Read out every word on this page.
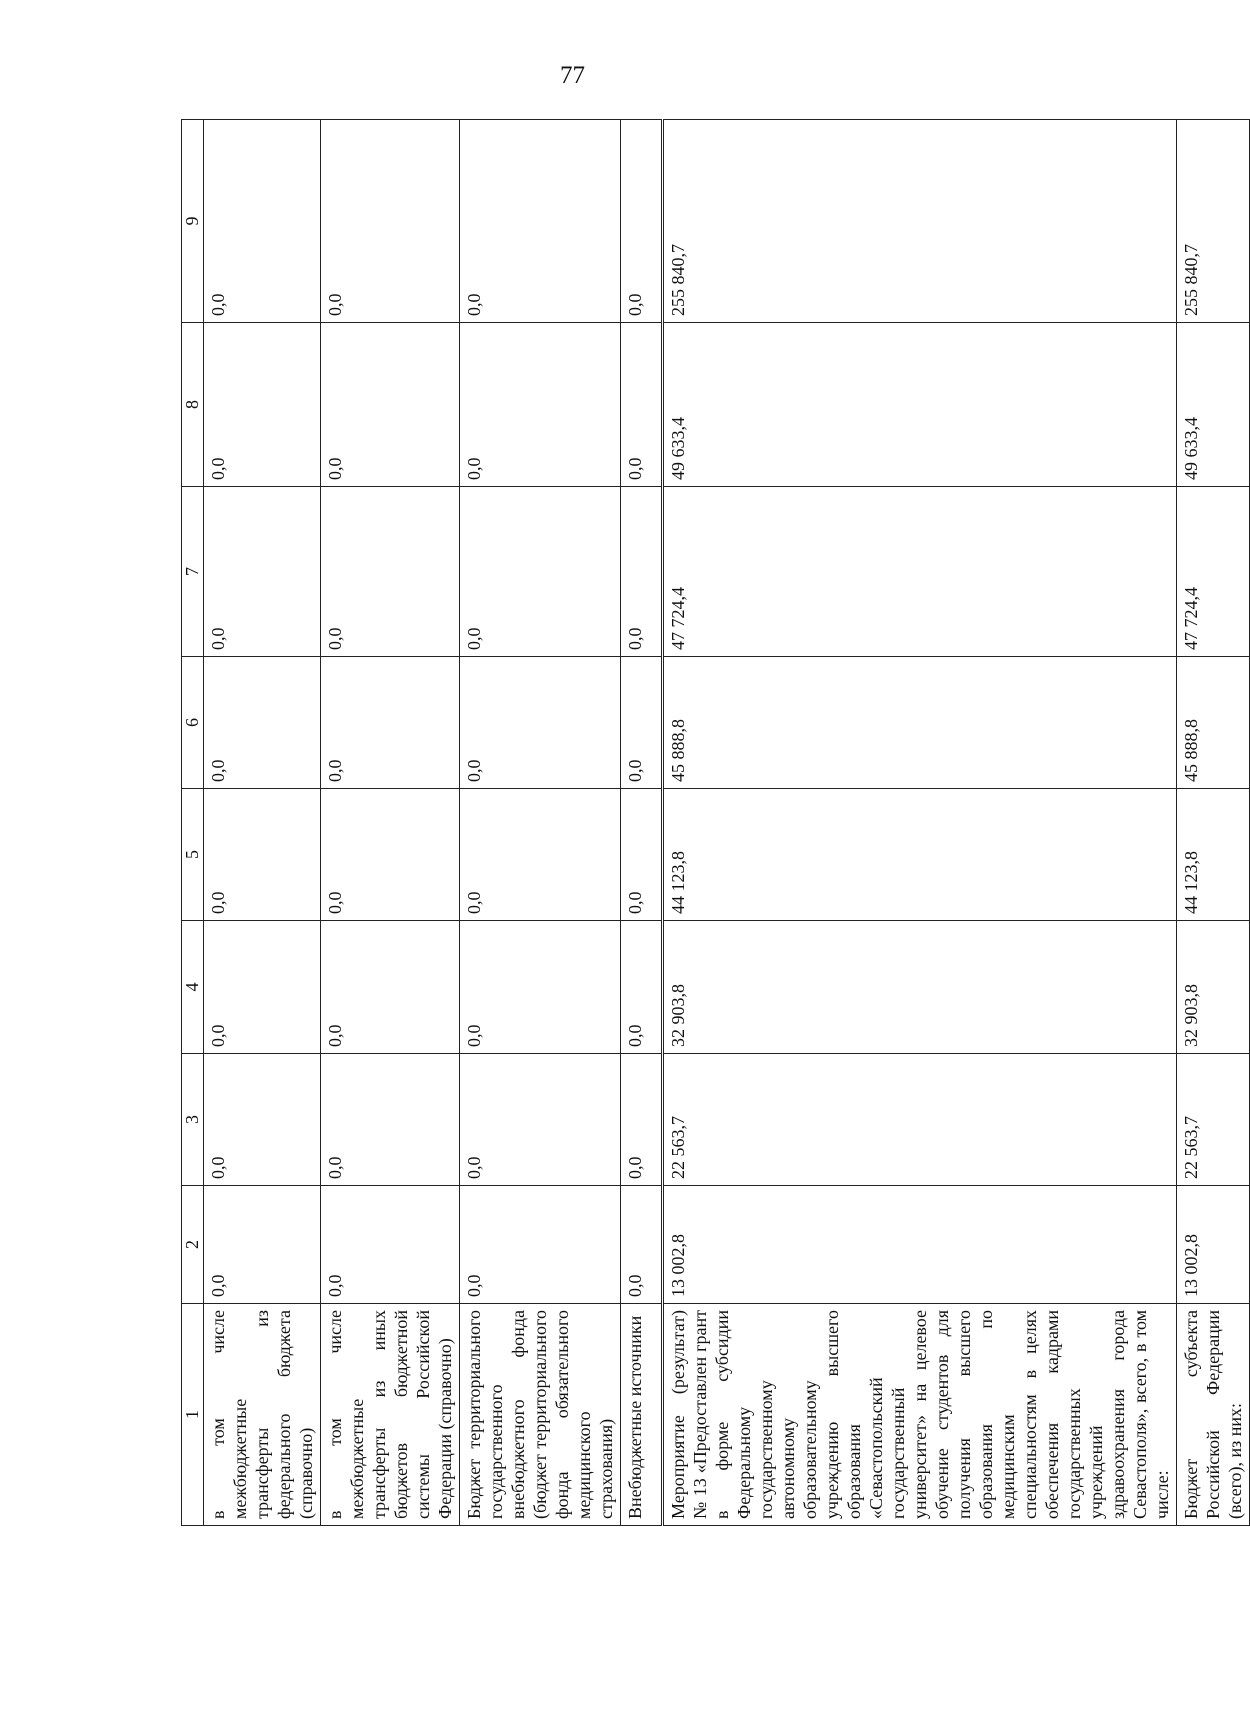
77
1	2	3	4	5	6	7	8	9
в том числе межбюджетные трансферты из федерального бюджета (справочно)	0,0	0,0	0,0	0,0	0,0	0,0	0,0	0,0
в том числе межбюджетные трансферты из иных бюджетов бюджетной системы Российской Федерации (справочно)	0,0	0,0	0,0	0,0	0,0	0,0	0,0	0,0
Бюджет территориального государственного внебюджетного фонда (бюджет территориального фонда обязательного медицинского страхования)	0,0	0,0	0,0	0,0	0,0	0,0	0,0	0,0
Внебюджетные источники	0,0	0,0	0,0	0,0	0,0	0,0	0,0	0,0
Мероприятие (результат) № 13 «Предоставлен грант в форме субсидии Федеральному государственному автономному образовательному учреждению высшего образования «Севастопольский государственный университет» на целевое обучение студентов для получения высшего образования по медицинским специальностям в целях обеспечения кадрами государственных учреждений здравоохранения города Севастополя», всего, в том числе:	13 002,8	22 563,7	32 903,8	44 123,8	45 888,8	47 724,4	49 633,4	255 840,7
Бюджет субъекта Российской Федерации (всего), из них:	13 002,8	22 563,7	32 903,8	44 123,8	45 888,8	47 724,4	49 633,4	255 840,7
